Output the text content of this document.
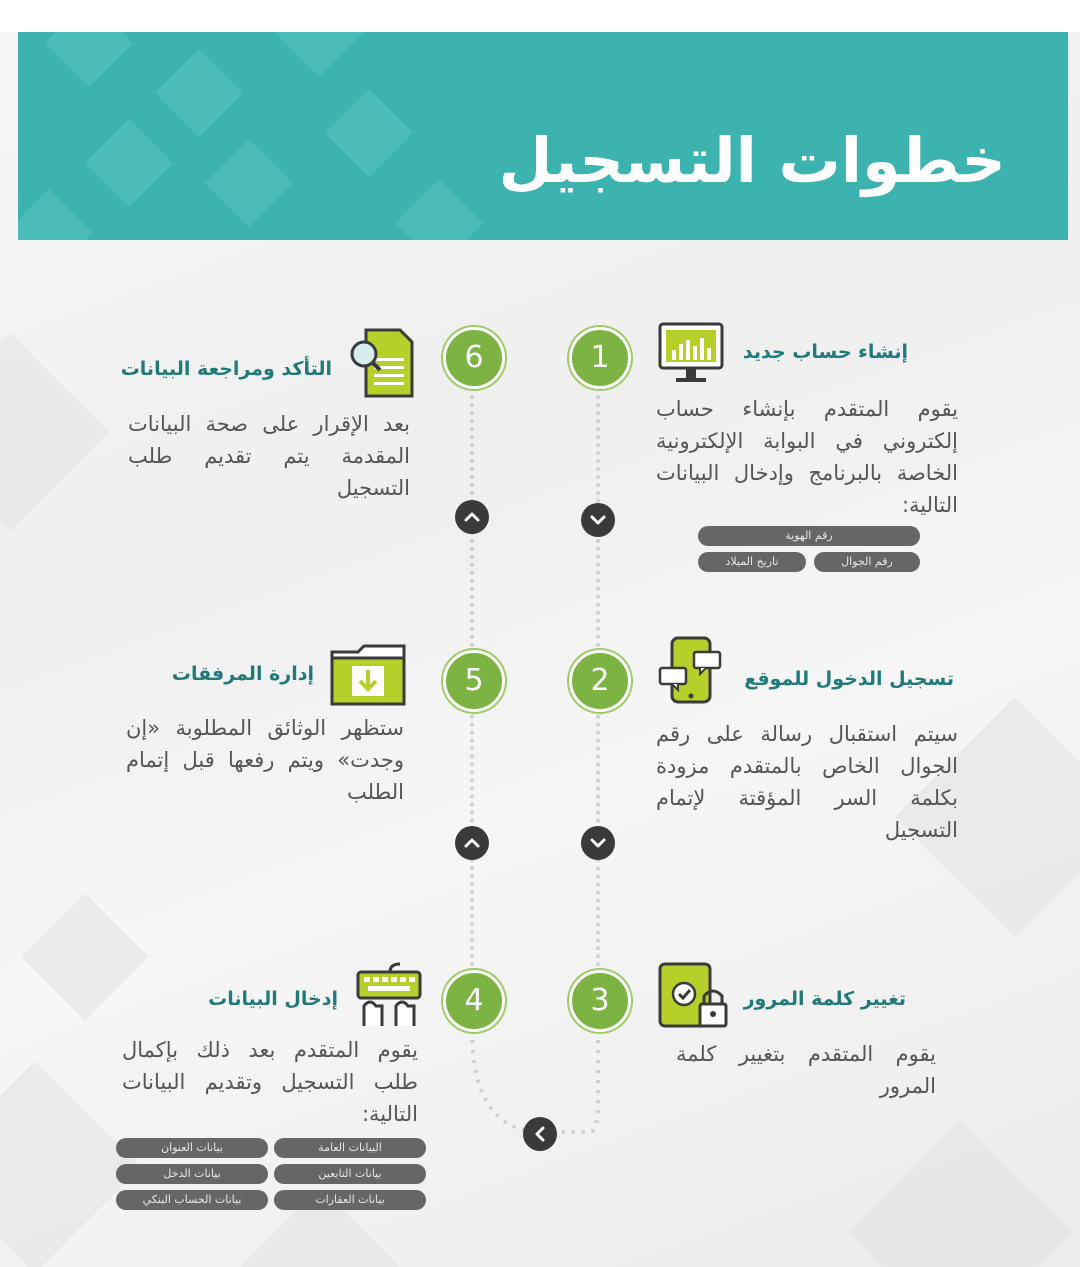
خطوات التسجيل
1	إنشاء حساب جديد
يقوم المتقدم بإنشاء حساب إلكتروني في البوابة الإلكترونية الخاصة بالبرنامج وإدخال البيانات التالية:
رقم الهوية
رقم الجوال
تاريخ الميلاد
2	تسجيل الدخول للموقع
سيتم استقبال رسالة على رقم الجوال الخاص بالمتقدم مزودة بكلمة السر المؤقتة لإتمام التسجيل
3	تغيير كلمة المرور
يقوم المتقدم بتغيير كلمة المرور
4
إدخال البيانات
يقوم المتقدم بعد ذلك بإكمال طلب التسجيل وتقديم البيانات التالية:
البيانات العامة
بيانات العنوان
بيانات التابعين
بيانات الدخل
بيانات العقارات
بيانات الحساب البنكي
5
إدارة المرفقات
ستظهر الوثائق المطلوبة «إن وجدت» ويتم رفعها قبل إتمام الطلب
6
التأكد ومراجعة البيانات
بعد الإقرار على صحة البيانات المقدمة يتم تقديم طلب التسجيل
